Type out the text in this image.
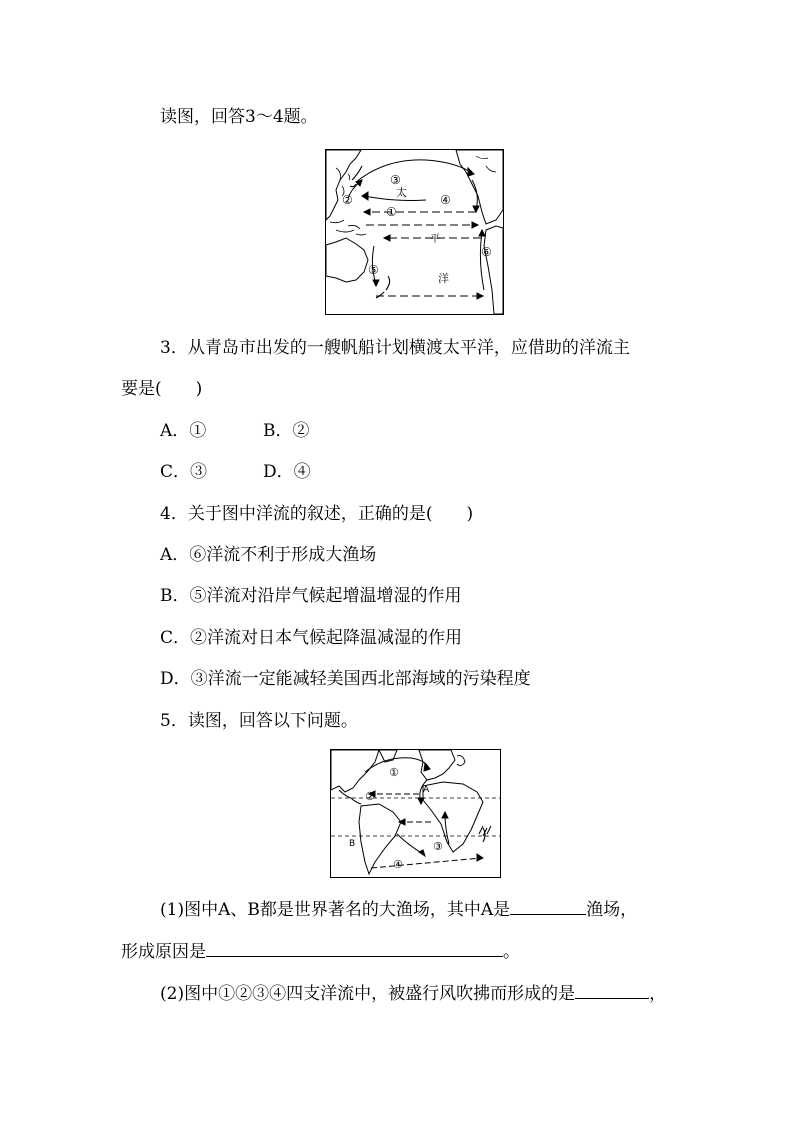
读图，回答3～4题。
太
平
洋
①
②
③
④
⑤
⑥
3．从青岛市出发的一艘帆船计划横渡太平洋，应借助的洋流主
要是(　　)
A．①	B．②
C．③	D．④
4．关于图中洋流的叙述，正确的是(　　)
A．⑥洋流不利于形成大渔场
B．⑤洋流对沿岸气候起增温增湿的作用
C．②洋流对日本气候起降温减湿的作用
D．③洋流一定能减轻美国西北部海域的污染程度
5．读图，回答以下问题。
①
②
③
④
A
B
(1)图中A、B都是世界著名的大渔场，其中A是	渔场，
形成原因是	。
(2)图中①②③④四支洋流中，被盛行风吹拂而形成的是	，
